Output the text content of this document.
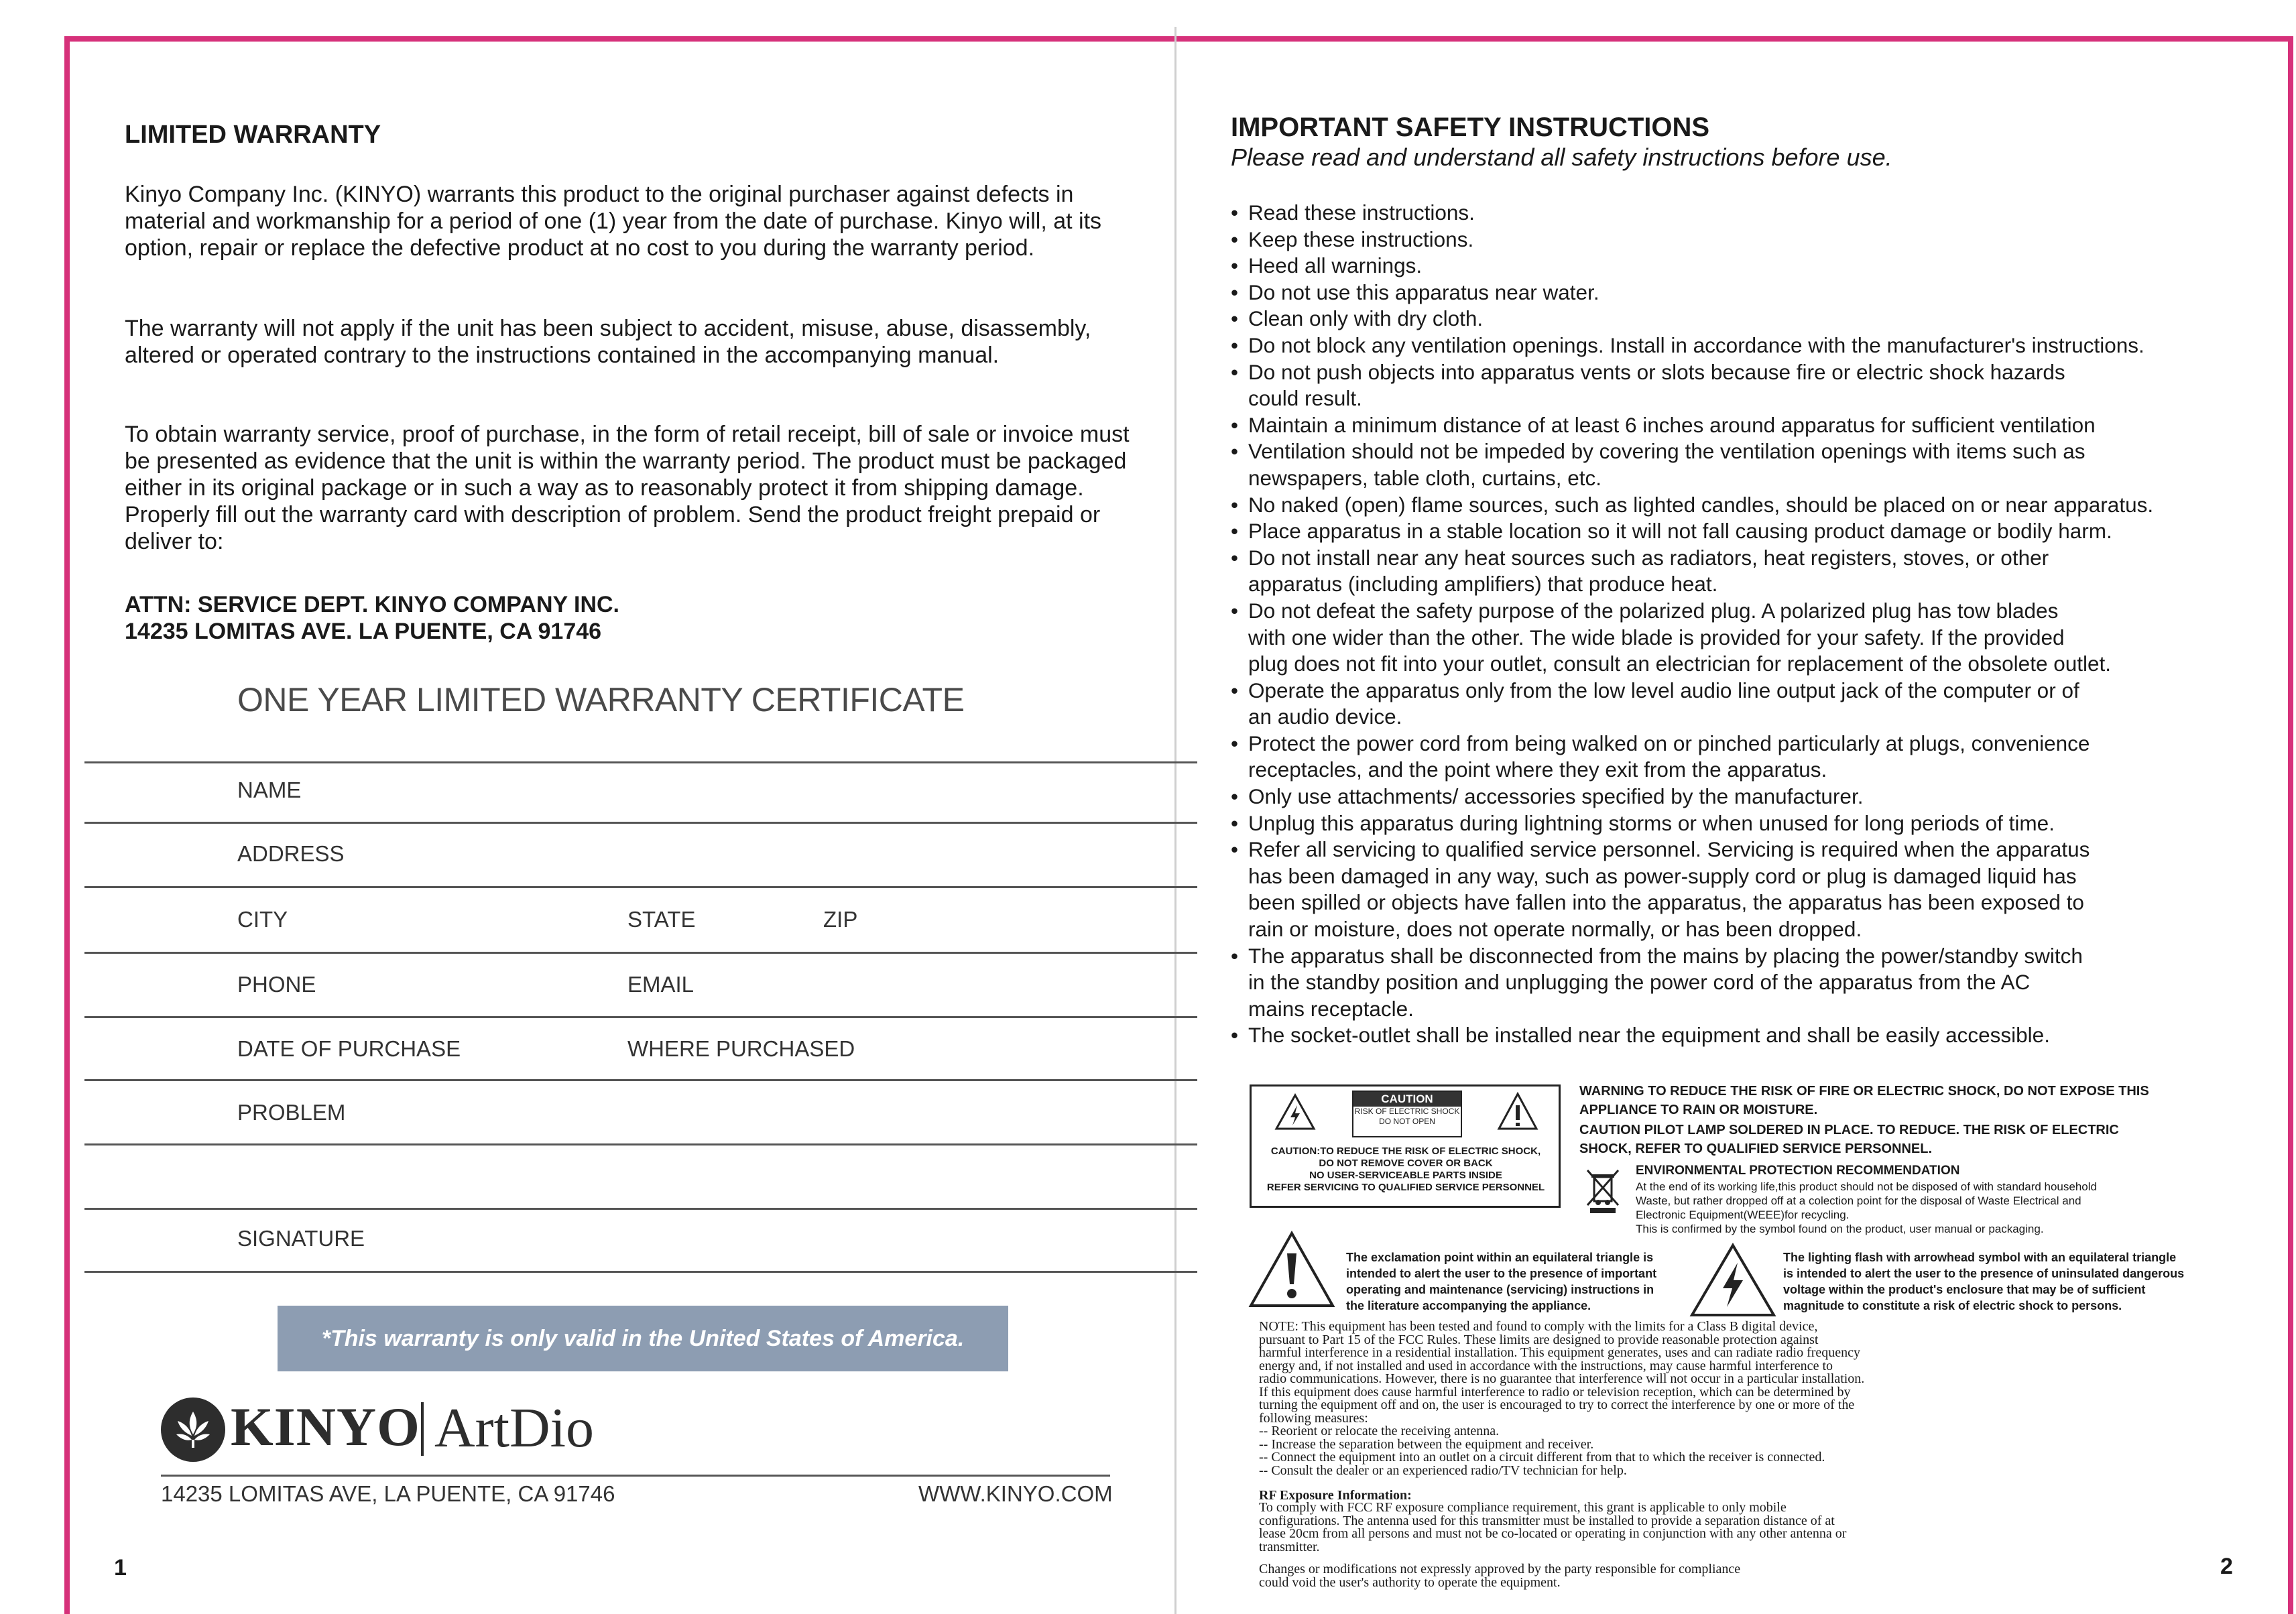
LIMITED WARRANTY

Kinyo Company Inc. (KINYO) warrants this product to the original purchaser against defects in material and workmanship for a period of one (1) year from the date of purchase. Kinyo will, at its option, repair or replace the defective product at no cost to you during the warranty period.

The warranty will not apply if the unit has been subject to accident, misuse, abuse, disassembly, altered or operated contrary to the instructions contained in the accompanying manual.

To obtain warranty service, proof of purchase, in the form of retail receipt, bill of sale or invoice must be presented as evidence that the unit is within the warranty period. The product must be packaged either in its original package or in such a way as to reasonably protect it from shipping damage. Properly fill out the warranty card with description of problem. Send the product freight prepaid or deliver to:

ATTN: SERVICE DEPT. KINYO COMPANY INC.
14235 LOMITAS AVE. LA PUENTE, CA 91746
ONE YEAR LIMITED WARRANTY CERTIFICATE
NAME
ADDRESS
CITY	STATE	ZIP
PHONE	EMAIL
DATE OF PURCHASE	WHERE PURCHASED
PROBLEM
SIGNATURE
*This warranty is only valid in the United States of America.
KINYO ArtDio
14235 LOMITAS AVE, LA PUENTE, CA 91746	WWW.KINYO.COM
1
IMPORTANT SAFETY INSTRUCTIONS
Please read and understand all safety instructions before use.
• Read these instructions.
• Keep these instructions.
• Heed all warnings.
• Do not use this apparatus near water.
• Clean only with dry cloth.
• Do not block any ventilation openings. Install in accordance with the manufacturer's instructions.
• Do not push objects into apparatus vents or slots because fire or electric shock hazards
could result.
• Maintain a minimum distance of at least 6 inches around apparatus for sufficient ventilation
• Ventilation should not be impeded by covering the ventilation openings with items such as
newspapers, table cloth, curtains, etc.
• No naked (open) flame sources, such as lighted candles, should be placed on or near apparatus.
• Place apparatus in a stable location so it will not fall causing product damage or bodily harm.
• Do not install near any heat sources such as radiators, heat registers, stoves, or other
apparatus (including amplifiers) that produce heat.
• Do not defeat the safety purpose of the polarized plug. A polarized plug has tow blades
with one wider than the other. The wide blade is provided for your safety. If the provided
plug does not fit into your outlet, consult an electrician for replacement of the obsolete outlet.
• Operate the apparatus only from the low level audio line output jack of the computer or of
an audio device.
• Protect the power cord from being walked on or pinched particularly at plugs, convenience
receptacles, and the point where they exit from the apparatus.
• Only use attachments/ accessories specified by the manufacturer.
• Unplug this apparatus during lightning storms or when unused for long periods of time.
• Refer all servicing to qualified service personnel. Servicing is required when the apparatus
has been damaged in any way, such as power-supply cord or plug is damaged liquid has
been spilled or objects have fallen into the apparatus, the apparatus has been exposed to
rain or moisture, does not operate normally, or has been dropped.
• The apparatus shall be disconnected from the mains by placing the power/standby switch
in the standby position and unplugging the power cord of the apparatus from the AC
mains receptacle.
• The socket-outlet shall be installed near the equipment and shall be easily accessible.
CAUTION
RISK OF ELECTRIC SHOCK
DO NOT OPEN
CAUTION:TO REDUCE THE RISK OF ELECTRIC SHOCK,
DO NOT REMOVE COVER OR BACK
NO USER-SERVICEABLE PARTS INSIDE
REFER SERVICING TO QUALIFIED SERVICE PERSONNEL
WARNING TO REDUCE THE RISK OF FIRE OR ELECTRIC SHOCK, DO NOT EXPOSE THIS APPLIANCE TO RAIN OR MOISTURE.
CAUTION PILOT LAMP SOLDERED IN PLACE. TO REDUCE. THE RISK OF ELECTRIC SHOCK, REFER TO QUALIFIED SERVICE PERSONNEL.
ENVIRONMENTAL PROTECTION RECOMMENDATION
At the end of its working life,this product should not be disposed of with standard household Waste, but rather dropped off at a colection point for the disposal of Waste Electrical and Electronic Equipment(WEEE)for recycling.
This is confirmed by the symbol found on the product, user manual or packaging.
The exclamation point within an equilateral triangle is intended to alert the user to the presence of important operating and maintenance (servicing) instructions in the literature accompanying the appliance.
The lighting flash with arrowhead symbol with an equilateral triangle is intended to alert the user to the presence of uninsulated dangerous voltage within the product's enclosure that may be of sufficient magnitude to constitute a risk of electric shock to persons.
NOTE: This equipment has been tested and found to comply with the limits for a Class B digital device,
pursuant to Part 15 of the FCC Rules. These limits are designed to provide reasonable protection against
harmful interference in a residential installation. This equipment generates, uses and can radiate radio frequency
energy and, if not installed and used in accordance with the instructions, may cause harmful interference to
radio communications. However, there is no guarantee that interference will not occur in a particular installation.
If this equipment does cause harmful interference to radio or television reception, which can be determined by
turning the equipment off and on, the user is encouraged to try to correct the interference by one or more of the
following measures:
-- Reorient or relocate the receiving antenna.
-- Increase the separation between the equipment and receiver.
-- Connect the equipment into an outlet on a circuit different from that to which the receiver is connected.
-- Consult the dealer or an experienced radio/TV technician for help.
RF Exposure Information:
To comply with FCC RF exposure compliance requirement, this grant is applicable to only mobile
configurations. The antenna used for this transmitter must be installed to provide a separation distance of at
lease 20cm from all persons and must not be co-located or operating in conjunction with any other antenna or
transmitter.
Changes or modifications not expressly approved by the party responsible for compliance
could void the user's authority to operate the equipment.
2
